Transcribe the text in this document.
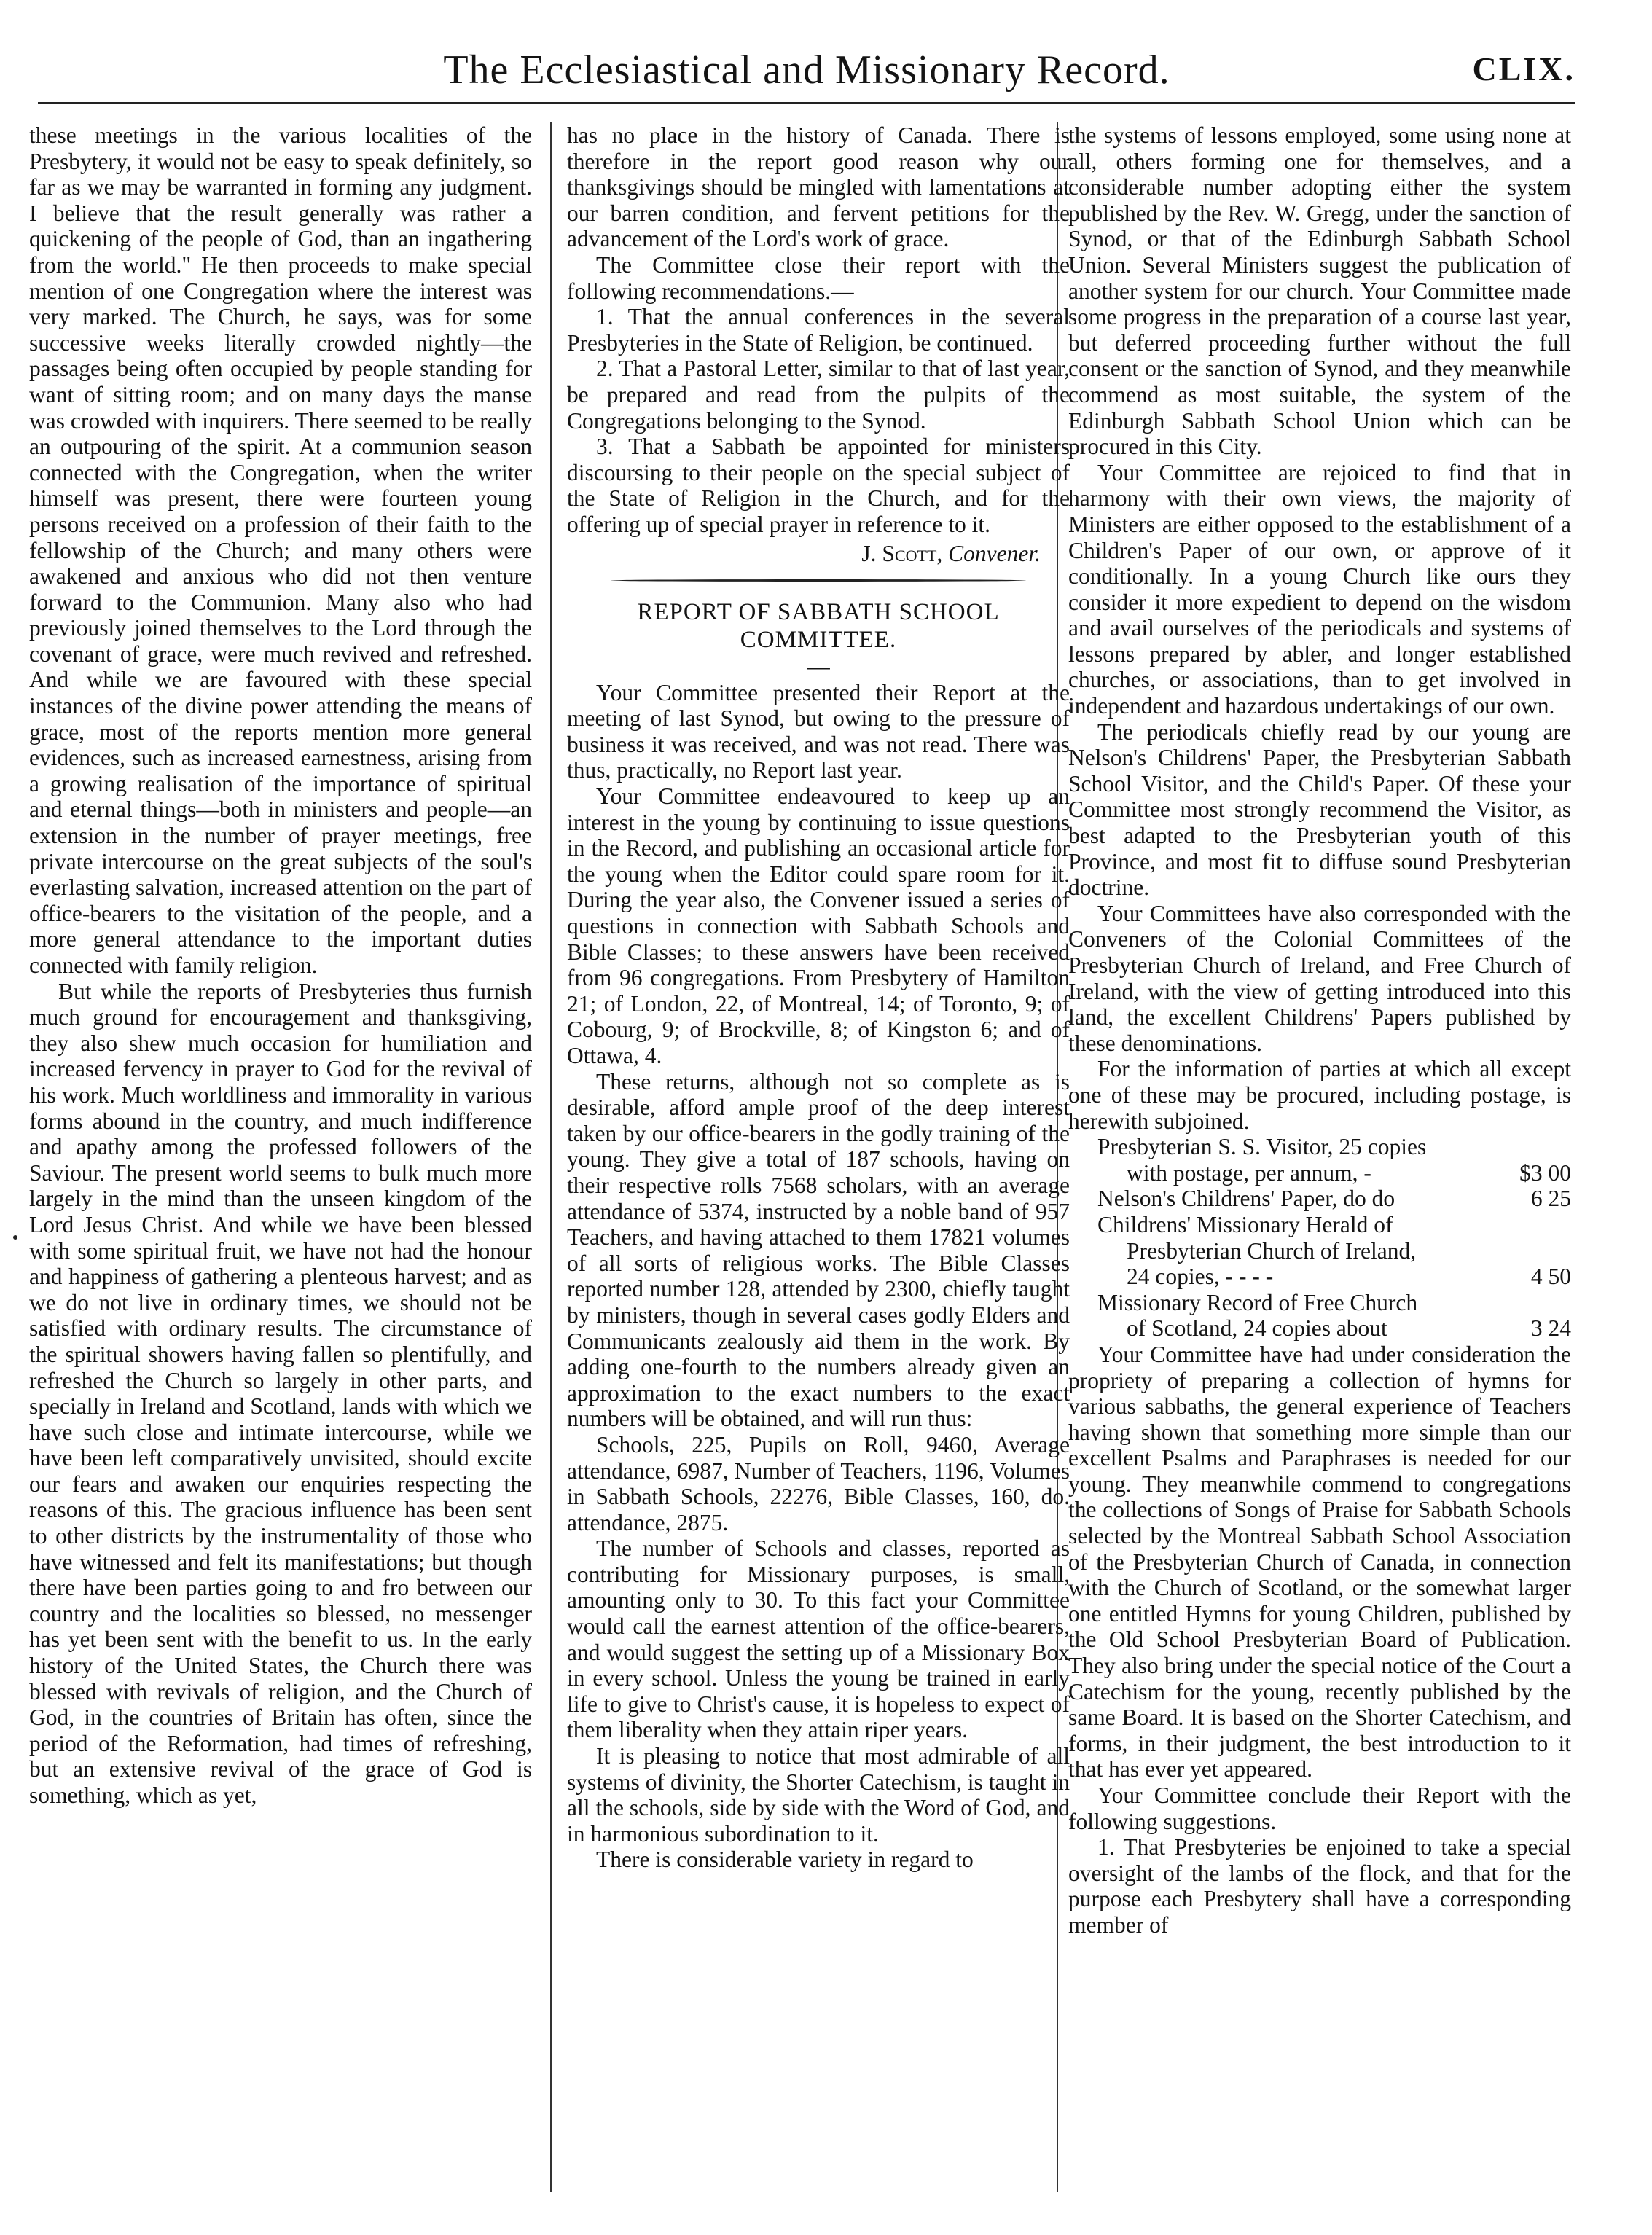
The Ecclesiastical and Missionary Record.	CLIX.

these meetings in the various localities of the Presbytery, it would not be easy to speak definitely, so far as we may be warranted in forming any judgment. I believe that the result generally was rather a quickening of the people of God, than an ingathering from the world." He then proceeds to make special mention of one Congregation where the interest was very marked. The Church, he says, was for some successive weeks literally crowded nightly—the passages being often occupied by people standing for want of sitting room; and on many days the manse was crowded with inquirers. There seemed to be really an outpouring of the spirit. At a communion season connected with the Congregation, when the writer himself was present, there were fourteen young persons received on a profession of their faith to the fellowship of the Church; and many others were awakened and anxious who did not then venture forward to the Communion. Many also who had previously joined themselves to the Lord through the covenant of grace, were much revived and refreshed. And while we are favoured with these special instances of the divine power attending the means of grace, most of the reports mention more general evidences, such as increased earnestness, arising from a growing realisation of the importance of spiritual and eternal things—both in ministers and people—an extension in the number of prayer meetings, free private intercourse on the great subjects of the soul's everlasting salvation, increased attention on the part of office-bearers to the visitation of the people, and a more general attendance to the important duties connected with family religion.

But while the reports of Presbyteries thus furnish much ground for encouragement and thanksgiving, they also shew much occasion for humiliation and increased fervency in prayer to God for the revival of his work. Much worldliness and immorality in various forms abound in the country, and much indifference and apathy among the professed followers of the Saviour. The present world seems to bulk much more largely in the mind than the unseen kingdom of the Lord Jesus Christ. And while we have been blessed with some spiritual fruit, we have not had the honour and happiness of gathering a plenteous harvest; and as we do not live in ordinary times, we should not be satisfied with ordinary results. The circumstance of the spiritual showers having fallen so plentifully, and refreshed the Church so largely in other parts, and specially in Ireland and Scotland, lands with which we have such close and intimate intercourse, while we have been left comparatively unvisited, should excite our fears and awaken our enquiries respecting the reasons of this. The gracious influence has been sent to other districts by the instrumentality of those who have witnessed and felt its manifestations; but though there have been parties going to and fro between our country and the localities so blessed, no messenger has yet been sent with the benefit to us. In the early history of the United States, the Church there was blessed with revivals of religion, and the Church of God, in the countries of Britain has often, since the period of the Reformation, had times of refreshing, but an extensive revival of the grace of God is something, which as yet,

has no place in the history of Canada. There is therefore in the report good reason why our thanksgivings should be mingled with lamentations at our barren condition, and fervent petitions for the advancement of the Lord's work of grace.

The Committee close their report with the following recommendations.—

1. That the annual conferences in the several Presbyteries in the State of Religion, be continued.

2. That a Pastoral Letter, similar to that of last year, be prepared and read from the pulpits of the Congregations belonging to the Synod.

3. That a Sabbath be appointed for ministers discoursing to their people on the special subject of the State of Religion in the Church, and for the offering up of special prayer in reference to it.

J. Scott, Convener.

REPORT OF SABBATH SCHOOL COMMITTEE.

—

Your Committee presented their Report at the meeting of last Synod, but owing to the pressure of business it was received, and was not read. There was thus, practically, no Report last year.

Your Committee endeavoured to keep up an interest in the young by continuing to issue questions in the Record, and publishing an occasional article for the young when the Editor could spare room for it. During the year also, the Convener issued a series of questions in connection with Sabbath Schools and Bible Classes; to these answers have been received from 96 congregations. From Presbytery of Hamilton 21; of London, 22, of Montreal, 14; of Toronto, 9; of Cobourg, 9; of Brockville, 8; of Kingston 6; and of Ottawa, 4.

These returns, although not so complete as is desirable, afford ample proof of the deep interest taken by our office-bearers in the godly training of the young. They give a total of 187 schools, having on their respective rolls 7568 scholars, with an average attendance of 5374, instructed by a noble band of 957 Teachers, and having attached to them 17821 volumes of all sorts of religious works. The Bible Classes reported number 128, attended by 2300, chiefly taught by ministers, though in several cases godly Elders and Communicants zealously aid them in the work. By adding one-fourth to the numbers already given an approximation to the exact numbers to the exact numbers will be obtained, and will run thus:

Schools, 225, Pupils on Roll, 9460, Average attendance, 6987, Number of Teachers, 1196, Volumes in Sabbath Schools, 22276, Bible Classes, 160, do. attendance, 2875.

The number of Schools and classes, reported as contributing for Missionary purposes, is small, amounting only to 30. To this fact your Committee would call the earnest attention of the office-bearers, and would suggest the setting up of a Missionary Box in every school. Unless the young be trained in early life to give to Christ's cause, it is hopeless to expect of them liberality when they attain riper years.

It is pleasing to notice that most admirable of all systems of divinity, the Shorter Catechism, is taught in all the schools, side by side with the Word of God, and in harmonious subordination to it.

There is considerable variety in regard to

the systems of lessons employed, some using none at all, others forming one for themselves, and a considerable number adopting either the system published by the Rev. W. Gregg, under the sanction of Synod, or that of the Edinburgh Sabbath School Union. Several Ministers suggest the publication of another system for our church. Your Committee made some progress in the preparation of a course last year, but deferred proceeding further without the full consent or the sanction of Synod, and they meanwhile commend as most suitable, the system of the Edinburgh Sabbath School Union which can be procured in this City.

Your Committee are rejoiced to find that in harmony with their own views, the majority of Ministers are either opposed to the establishment of a Children's Paper of our own, or approve of it conditionally. In a young Church like ours they consider it more expedient to depend on the wisdom and avail ourselves of the periodicals and systems of lessons prepared by abler, and longer established churches, or associations, than to get involved in independent and hazardous undertakings of our own.

The periodicals chiefly read by our young are Nelson's Childrens' Paper, the Presbyterian Sabbath School Visitor, and the Child's Paper. Of these your Committee most strongly recommend the Visitor, as best adapted to the Presbyterian youth of this Province, and most fit to diffuse sound Presbyterian doctrine.

Your Committees have also corresponded with the Conveners of the Colonial Committees of the Presbyterian Church of Ireland, and Free Church of Ireland, with the view of getting introduced into this land, the excellent Childrens' Papers published by these denominations.

For the information of parties at which all except one of these may be procured, including postage, is herewith subjoined.

Presbyterian S. S. Visitor, 25 copies
with postage, per annum, -	$3 00
Nelson's Childrens' Paper, do do	6 25
Childrens' Missionary Herald of
Presbyterian Church of Ireland,
24 copies, - - - -	4 50
Missionary Record of Free Church
of Scotland, 24 copies about	3 24

Your Committee have had under consideration the propriety of preparing a collection of hymns for various sabbaths, the general experience of Teachers having shown that something more simple than our excellent Psalms and Paraphrases is needed for our young. They meanwhile commend to congregations the collections of Songs of Praise for Sabbath Schools selected by the Montreal Sabbath School Association of the Presbyterian Church of Canada, in connection with the Church of Scotland, or the somewhat larger one entitled Hymns for young Children, published by the Old School Presbyterian Board of Publication. They also bring under the special notice of the Court a Catechism for the young, recently published by the same Board. It is based on the Shorter Catechism, and forms, in their judgment, the best introduction to it that has ever yet appeared.

Your Committee conclude their Report with the following suggestions.

1. That Presbyteries be enjoined to take a special oversight of the lambs of the flock, and that for the purpose each Presbytery shall have a corresponding member of
